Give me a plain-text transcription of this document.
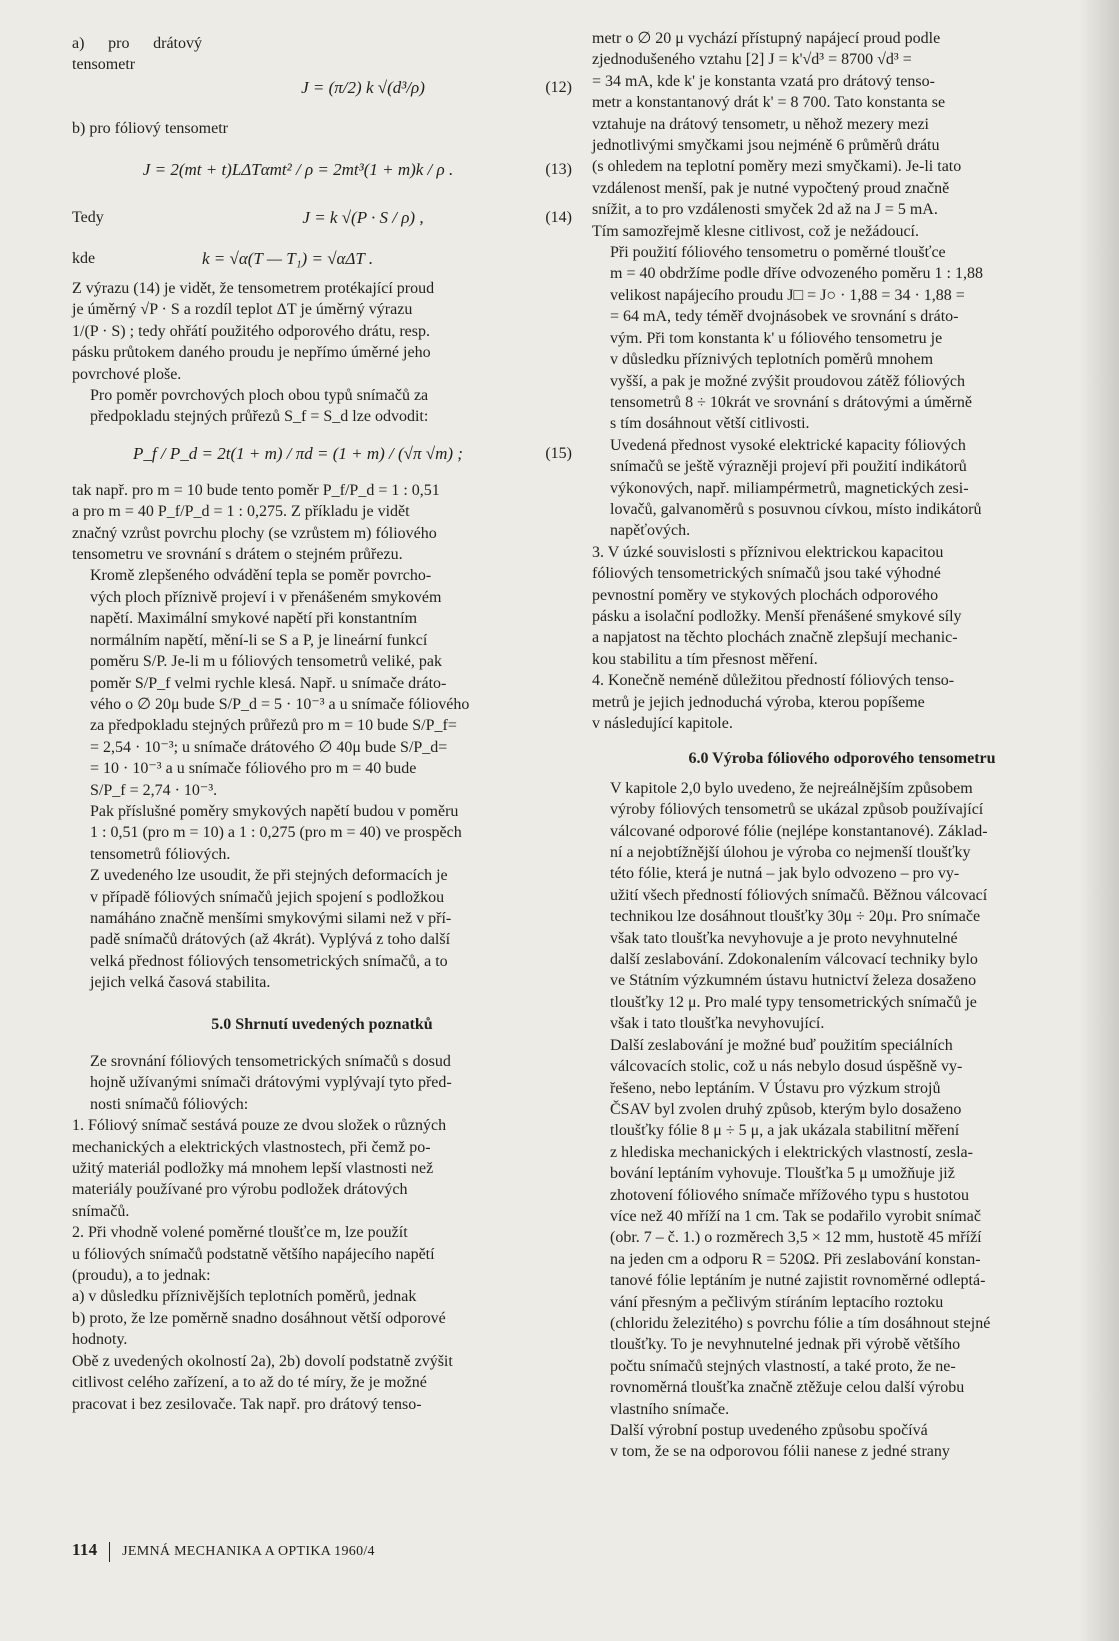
a) pro drátový tensometr
J = (π/2) k √(d³/ρ)	(12)
b) pro fóliový tensometr
J = 2(mt + t)LΔTαmt² / ρ = 2mt³(1 + m)k / ρ .	(13)
Tedy	J = k √(P · S / ρ) ,	(14)
kde	k = √α(T — T₁) = √αΔT .

Z výrazu (14) je vidět, že tensometrem protékající proud
je úměrný √P · S a rozdíl teplot ΔT je úměrný výrazu
1/(P · S) ; tedy ohřátí použitého odporového drátu, resp.
pásku průtokem daného proudu je nepřímo úměrné jeho
povrchové ploše.

Pro poměr povrchových ploch obou typů snímačů za
předpokladu stejných průřezů S_f = S_d lze odvodit:

P_f / P_d = 2t(1 + m) / πd = (1 + m) / (√π √m) ;	(15)

tak např. pro m = 10 bude tento poměr P_f/P_d = 1 : 0,51
a pro m = 40 P_f/P_d = 1 : 0,275. Z příkladu je vidět
značný vzrůst povrchu plochy (se vzrůstem m) fóliového
tensometru ve srovnání s drátem o stejném průřezu.

Kromě zlepšeného odvádění tepla se poměr povrcho-
vých ploch příznivě projeví i v přenášeném smykovém
napětí. Maximální smykové napětí při konstantním
normálním napětí, mění-li se S a P, je lineární funkcí
poměru S/P. Je-li m u fóliových tensometrů veliké, pak
poměr S/P_f velmi rychle klesá. Např. u snímače dráto-
vého o ∅ 20μ bude S/P_d = 5 · 10⁻³ a u snímače fóliového
za předpokladu stejných průřezů pro m = 10 bude S/P_f=
= 2,54 · 10⁻³; u snímače drátového ∅ 40μ bude S/P_d=
= 10 · 10⁻³ a u snímače fóliového pro m = 40 bude
S/P_f = 2,74 · 10⁻³.
Pak příslušné poměry smykových napětí budou v poměru
1 : 0,51 (pro m = 10) a 1 : 0,275 (pro m = 40) ve prospěch
tensometrů fóliových.

Z uvedeného lze usoudit, že při stejných deformacích je
v případě fóliových snímačů jejich spojení s podložkou
namáháno značně menšími smykovými silami než v pří-
padě snímačů drátových (až 4krát). Vyplývá z toho další
velká přednost fóliových tensometrických snímačů, a to
jejich velká časová stabilita.

5.0 Shrnutí uvedených poznatků

Ze srovnání fóliových tensometrických snímačů s dosud
hojně užívanými snímači drátovými vyplývají tyto před-
nosti snímačů fóliových:

1. Fóliový snímač sestává pouze ze dvou složek o různých
mechanických a elektrických vlastnostech, při čemž po-
užitý materiál podložky má mnohem lepší vlastnosti než
materiály používané pro výrobu podložek drátových
snímačů.

2. Při vhodně volené poměrné tloušťce m, lze použít
u fóliových snímačů podstatně většího napájecího napětí
(proudu), a to jednak:

a) v důsledku příznivějších teplotních poměrů, jednak

b) proto, že lze poměrně snadno dosáhnout větší odporové
hodnoty.

Obě z uvedených okolností 2a), 2b) dovolí podstatně zvýšit
citlivost celého zařízení, a to až do té míry, že je možné
pracovat i bez zesilovače. Tak např. pro drátový tenso-

metr o ∅ 20 μ vychází přístupný napájecí proud podle
zjednodušeného vztahu [2] J = k'√d³ = 8700 √d³ =
= 34 mA, kde k' je konstanta vzatá pro drátový tenso-
metr a konstantanový drát k' = 8 700. Tato konstanta se
vztahuje na drátový tensometr, u něhož mezery mezi
jednotlivými smyčkami jsou nejméně 6 průměrů drátu
(s ohledem na teplotní poměry mezi smyčkami). Je-li tato
vzdálenost menší, pak je nutné vypočtený proud značně
snížit, a to pro vzdálenosti smyček 2d až na J = 5 mA.
Tím samozřejmě klesne citlivost, což je nežádoucí.

Při použití fóliového tensometru o poměrné tloušťce
m = 40 obdržíme podle dříve odvozeného poměru 1 : 1,88
velikost napájecího proudu J□ = J○ · 1,88 = 34 · 1,88 =
= 64 mA, tedy téměř dvojnásobek ve srovnání s dráto-
vým. Při tom konstanta k' u fóliového tensometru je
v důsledku příznivých teplotních poměrů mnohem
vyšší, a pak je možné zvýšit proudovou zátěž fóliových
tensometrů 8 ÷ 10krát ve srovnání s drátovými a úměrně
s tím dosáhnout větší citlivosti.

Uvedená přednost vysoké elektrické kapacity fóliových
snímačů se ještě výrazněji projeví při použití indikátorů
výkonových, např. miliampérmetrů, magnetických zesi-
lovačů, galvanoměrů s posuvnou cívkou, místo indikátorů
napěťových.

3. V úzké souvislosti s příznivou elektrickou kapacitou
fóliových tensometrických snímačů jsou také výhodné
pevnostní poměry ve stykových plochách odporového
pásku a isolační podložky. Menší přenášené smykové síly
a napjatost na těchto plochách značně zlepšují mechanic-
kou stabilitu a tím přesnost měření.

4. Konečně neméně důležitou předností fóliových tenso-
metrů je jejich jednoduchá výroba, kterou popíšeme
v následující kapitole.

6.0 Výroba fóliového odporového tensometru

V kapitole 2,0 bylo uvedeno, že nejreálnějším způsobem
výroby fóliových tensometrů se ukázal způsob používající
válcované odporové fólie (nejlépe konstantanové). Základ-
ní a nejobtížnější úlohou je výroba co nejmenší tloušťky
této fólie, která je nutná – jak bylo odvozeno – pro vy-
užití všech předností fóliových snímačů. Běžnou válcovací
technikou lze dosáhnout tloušťky 30μ ÷ 20μ. Pro snímače
však tato tloušťka nevyhovuje a je proto nevyhnutelné
další zeslabování. Zdokonalením válcovací techniky bylo
ve Státním výzkumném ústavu hutnictví železa dosaženo
tloušťky 12 μ. Pro malé typy tensometrických snímačů je
však i tato tloušťka nevyhovující.

Další zeslabování je možné buď použitím speciálních
válcovacích stolic, což u nás nebylo dosud úspěšně vy-
řešeno, nebo leptáním. V Ústavu pro výzkum strojů
ČSAV byl zvolen druhý způsob, kterým bylo dosaženo
tloušťky fólie 8 μ ÷ 5 μ, a jak ukázala stabilitní měření
z hlediska mechanických i elektrických vlastností, zesla-
bování leptáním vyhovuje. Tloušťka 5 μ umožňuje již
zhotovení fóliového snímače mřížového typu s hustotou
více než 40 mříží na 1 cm. Tak se podařilo vyrobit snímač
(obr. 7 – č. 1.) o rozměrech 3,5 × 12 mm, hustotě 45 mříží
na jeden cm a odporu R = 520Ω. Při zeslabování konstan-
tanové fólie leptáním je nutné zajistit rovnoměrné odleptá-
vání přesným a pečlivým stíráním leptacího roztoku
(chloridu železitého) s povrchu fólie a tím dosáhnout stejné
tloušťky. To je nevyhnutelné jednak při výrobě většího
počtu snímačů stejných vlastností, a také proto, že ne-
rovnoměrná tloušťka značně ztěžuje celou další výrobu
vlastního snímače.

Další výrobní postup uvedeného způsobu spočívá
v tom, že se na odporovou fólii nanese z jedné strany

114 JEMNÁ MECHANIKA A OPTIKA 1960/4
